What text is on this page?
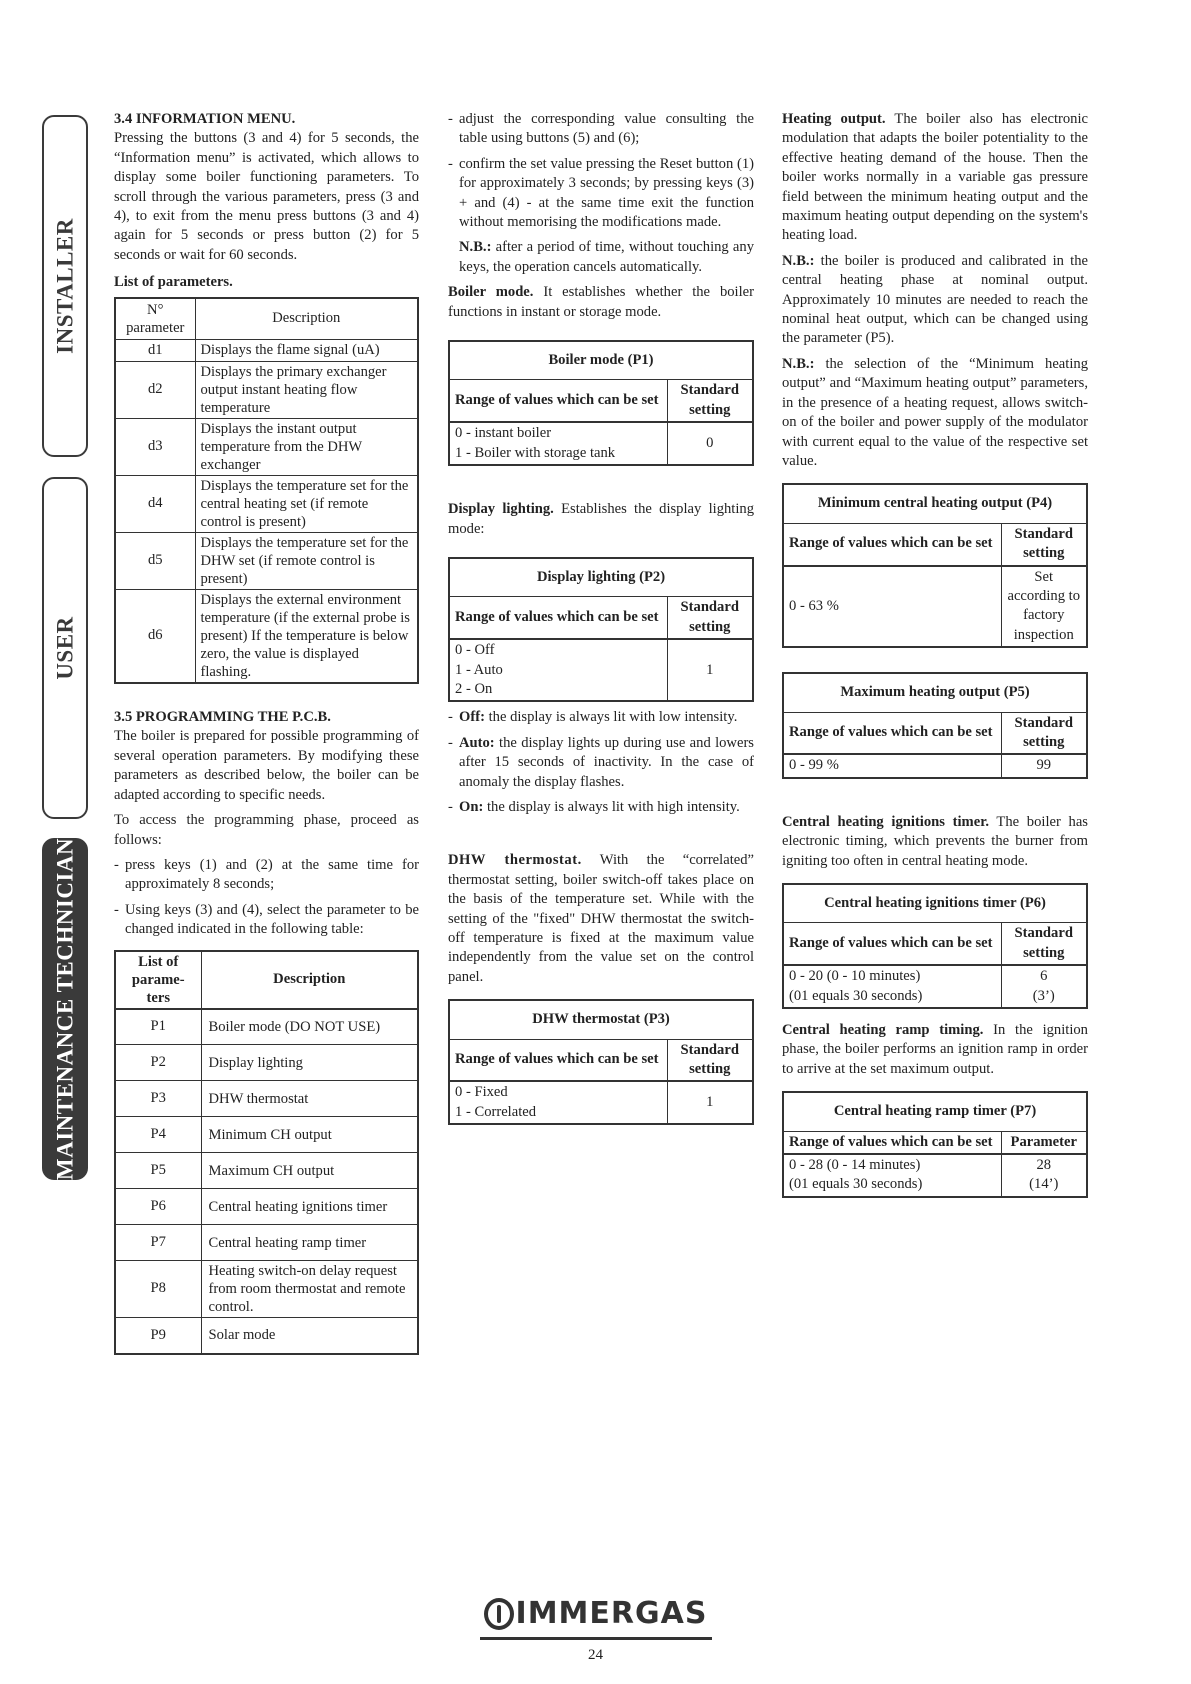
INSTALLER
USER
MAINTENANCE TECHNICIAN
3.4 INFORMATION MENU.

Pressing the buttons (3 and 4) for 5 seconds, the “Information menu” is activated, which allows to display some boiler functioning parameters. To scroll through the various parameters, press (3 and 4), to exit from the menu press buttons (3 and 4) again for 5 seconds or press button (2) for 5 seconds or wait for 60 seconds.

List of parameters.
N° parameter	Description
d1	Displays the flame signal (uA)
d2	Displays the primary exchanger output instant heating flow temperature
d3	Displays the instant output temperature from the DHW exchanger
d4	Displays the temperature set for the central heating set (if remote control is present)
d5	Displays the temperature set for the DHW set (if remote control is present)
d6	Displays the external environment temperature (if the external probe is present) If the temperature is below zero, the value is displayed flashing.
3.5 PROGRAMMING THE P.C.B.

The boiler is prepared for possible programming of several operation parameters. By modifying these parameters as described below, the boiler can be adapted according to specific needs.

To access the programming phase, proceed as follows:

- press keys (1) and (2) at the same time for approximately 8 seconds;
- Using keys (3) and (4), select the parameter to be changed indicated in the following table:
List of parame-ters	Description
P1	Boiler mode (DO NOT USE)
P2	Display lighting
P3	DHW thermostat
P4	Minimum CH output
P5	Maximum CH output
P6	Central heating ignitions timer
P7	Central heating ramp timer
P8	Heating switch-on delay request from room thermostat and remote control.
P9	Solar mode
- adjust the corresponding value consulting the table using buttons (5) and (6);
- confirm the set value pressing the Reset button (1) for approximately 3 seconds; by pressing keys (3) + and (4) - at the same time exit the function without memorising the modifications made.

N.B.: after a period of time, without touching any keys, the operation cancels automatically.

Boiler mode. It establishes whether the boiler functions in instant or storage mode.

Boiler mode (P1)	
Range of values which can be set	Standard setting
0 - instant boiler
1 - Boiler with storage tank	0

Display lighting. Establishes the display lighting mode:

Display lighting (P2)	
Range of values which can be set	Standard setting
0 - Off
1 - Auto
2 - On	1
- Off: the display is always lit with low intensity.
- Auto: the display lights up during use and lowers after 15 seconds of inactivity. In the case of anomaly the display flashes.
- On: the display is always lit with high intensity.

DHW thermostat. With the “correlated” thermostat setting, boiler switch-off takes place on the basis of the temperature set. While with the setting of the "fixed" DHW thermostat the switch-off temperature is fixed at the maximum value independently from the value set on the control panel.

DHW thermostat (P3)	
Range of values which can be set	Standard setting
0 - Fixed
1 - Correlated	1

Heating output. The boiler also has electronic modulation that adapts the boiler potentiality to the effective heating demand of the house. Then the boiler works normally in a variable gas pressure field between the minimum heating output and the maximum heating output depending on the system's heating load.

N.B.: the boiler is produced and calibrated in the central heating phase at nominal output. Approximately 10 minutes are needed to reach the nominal heat output, which can be changed using the parameter (P5).

N.B.: the selection of the “Minimum heating output” and “Maximum heating output” parameters, in the presence of a heating request, allows switch-on of the boiler and power supply of the modulator with current equal to the value of the respective set value.

Minimum central heating output (P4)	
Range of values which can be set	Standard setting
0 - 63 %	Set according to factory inspection
Maximum heating output (P5)	
Range of values which can be set	Standard setting
0 - 99 %	99

Central heating ignitions timer. The boiler has electronic timing, which prevents the burner from igniting too often in central heating mode.

Central heating ignitions timer (P6)	
Range of values which can be set	Standard setting
0 - 20 (0 - 10 minutes)
(01 equals 30 seconds)	6
(3’)

Central heating ramp timing. In the ignition phase, the boiler performs an ignition ramp in order to arrive at the set maximum output.

Central heating ramp timer (P7)	
Range of values which can be set	Parameter
0 - 28 (0 - 14 minutes)
(01 equals 30 seconds)	28
(14’)
IMMERGAS
24
